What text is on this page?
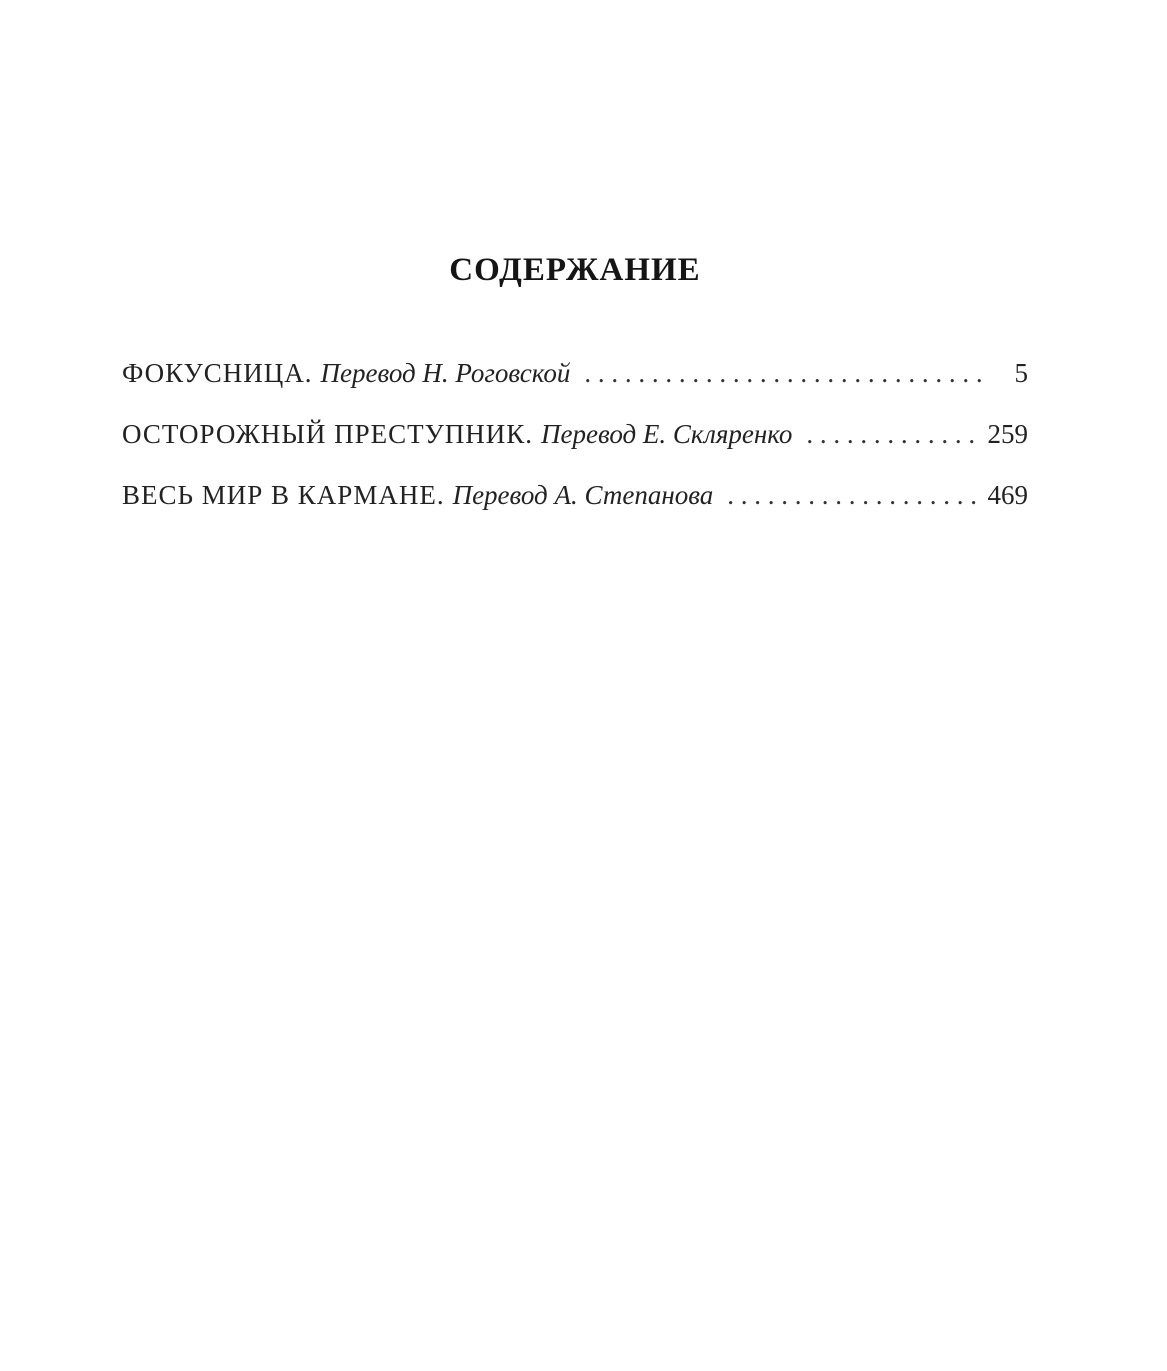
СОДЕРЖАНИЕ
ФОКУСНИЦА. Перевод Н. Роговской . . .	5
ОСТОРОЖНЫЙ ПРЕСТУПНИК. Перевод Е. Скляренко . . .	259
ВЕСЬ МИР В КАРМАНЕ. Перевод А. Степанова . . .	469
